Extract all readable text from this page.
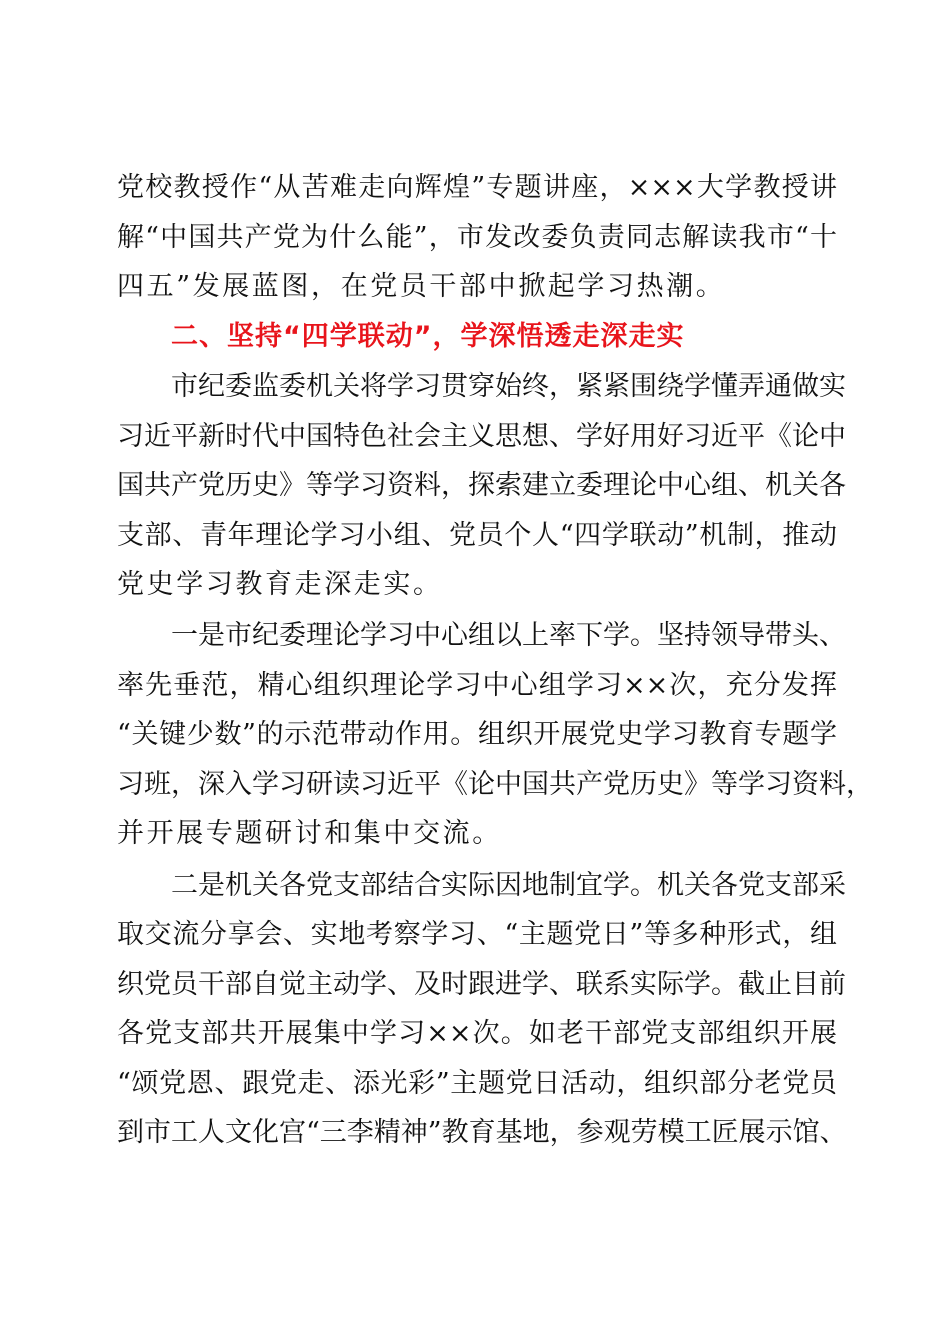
党校教授作“从苦难走向辉煌”专题讲座，×××大学教授讲
解“中国共产党为什么能”，市发改委负责同志解读我市“十
四五”发展蓝图，在党员干部中掀起学习热潮。
二、坚持“四学联动”，学深悟透走深走实
市纪委监委机关将学习贯穿始终，紧紧围绕学懂弄通做实
习近平新时代中国特色社会主义思想、学好用好习近平《论中
国共产党历史》等学习资料，探索建立委理论中心组、机关各
支部、青年理论学习小组、党员个人“四学联动”机制，推动
党史学习教育走深走实。
一是市纪委理论学习中心组以上率下学。坚持领导带头、
率先垂范，精心组织理论学习中心组学习××次，充分发挥
“关键少数”的示范带动作用。组织开展党史学习教育专题学
习班，深入学习研读习近平《论中国共产党历史》等学习资料，
并开展专题研讨和集中交流。
二是机关各党支部结合实际因地制宜学。机关各党支部采
取交流分享会、实地考察学习、“主题党日”等多种形式，组
织党员干部自觉主动学、及时跟进学、联系实际学。截止目前
各党支部共开展集中学习××次。如老干部党支部组织开展
“颂党恩、跟党走、添光彩”主题党日活动，组织部分老党员
到市工人文化宫“三李精神”教育基地，参观劳模工匠展示馆、
